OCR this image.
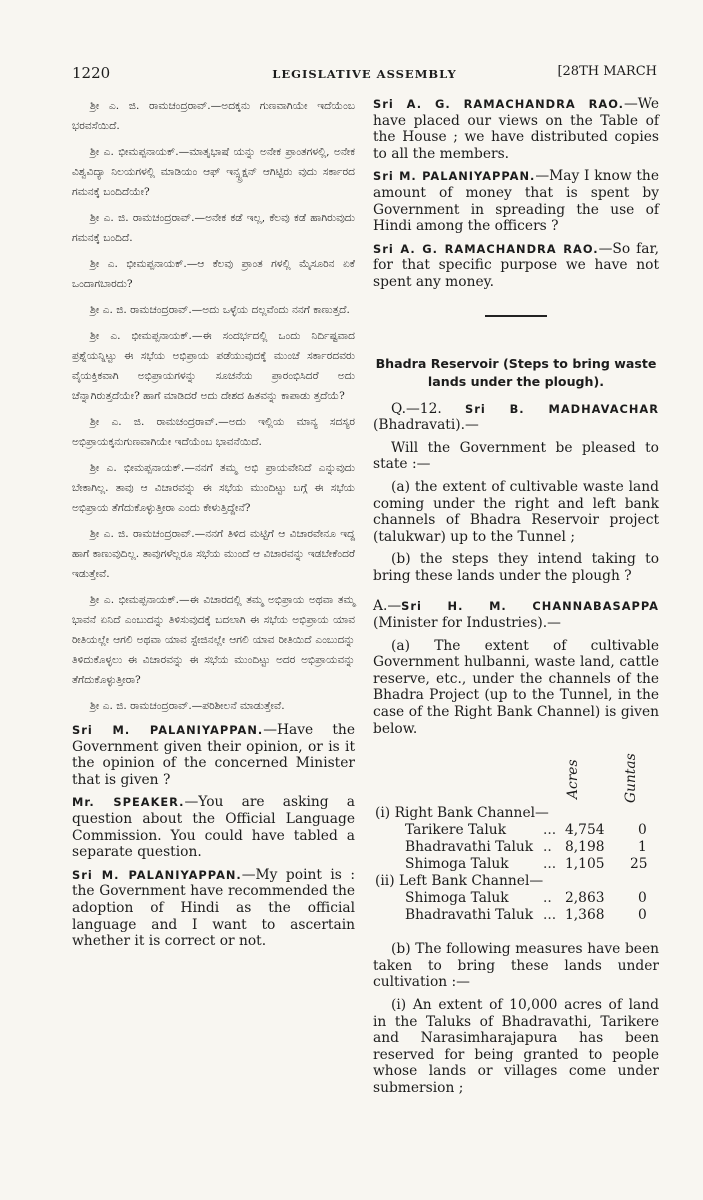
1220	LEGISLATIVE ASSEMBLY	[28TH MARCH

ಶ್ರೀ ಎ. ಜಿ. ರಾಮಚಂದ್ರರಾವ್.—ಅದಕ್ಕನು ಗುಣವಾಗಿಯೇ ಇದೆಯೆಂಬ ಭರವಸೆಯಿದೆ.

ಶ್ರೀ ಎ. ಭೀಮಪ್ಪನಾಯಕ್.—ಮಾತೃಭಾಷೆ ಯನ್ನು ಅನೇಕ ಪ್ರಾಂತಗಳಲ್ಲಿ, ಅನೇಕ ವಿಶ್ವವಿದ್ಯಾ ನಿಲಯಗಳಲ್ಲಿ ಮಾಡಿಯಂ ಆಫ್ ಇನ್ಸ್ಟ್ರಕ್ಷನ್ ಆಗಿಟ್ಟಿರು ವುದು ಸರ್ಕಾರದ ಗಮನಕ್ಕೆ ಬಂದಿದೆಯೇ?

ಶ್ರೀ ಎ. ಜಿ. ರಾಮಚಂದ್ರರಾವ್.—ಅನೇಕ ಕಡೆ ಇಲ್ಲ, ಕೆಲವು ಕಡೆ ಹಾಗಿರುವುದು ಗಮನಕ್ಕೆ ಬಂದಿದೆ.

ಶ್ರೀ ಎ. ಭೀಮಪ್ಪನಾಯಕ್.—ಆ ಕೆಲವು ಪ್ರಾಂತ ಗಳಲ್ಲಿ ಮೈಸೂರಿನ ಏಕೆ ಒಂದಾಗಬಾರದು?

ಶ್ರೀ ಎ. ಜಿ. ರಾಮಚಂದ್ರರಾವ್.—ಅದು ಒಳ್ಳೆಯ ದಲ್ಲವೆಂದು ನನಗೆ ಕಾಣುತ್ತದೆ.

ಶ್ರೀ ಎ. ಭೀಮಪ್ಪನಾಯಕ್.—ಈ ಸಂದರ್ಭದಲ್ಲಿ ಒಂದು ನಿರ್ದಿಷ್ಟವಾದ ಪ್ರಶ್ನೆಯನ್ನಿಟ್ಟು ಈ ಸಭೆಯ ಅಭಿಪ್ರಾಯ ಪಡೆಯುವುದಕ್ಕೆ ಮುಂಚೆ ಸರ್ಕಾರದವರು ವೈಯಕ್ತಿಕವಾಗಿ ಅಭಿಪ್ರಾಯಗಳನ್ನು ಸೂಚನೆಯ ಪ್ರಾರಂಭಿಸಿದರೆ ಅದು ಚೆನ್ನಾಗಿರುತ್ತದೆಯೇ? ಹಾಗೆ ಮಾಡಿದರೆ ಅದು ದೇಶದ ಹಿತವನ್ನು ಕಾಪಾಡು ತ್ತದೆಯೆ?

ಶ್ರೀ ಎ. ಜಿ. ರಾಮಚಂದ್ರರಾವ್.—ಅದು ಇಲ್ಲಿಯ ಮಾನ್ಯ ಸದಸ್ಯರ ಅಭಿಪ್ರಾಯಕ್ಕನುಗುಣವಾಗಿಯೇ ಇದೆಯೆಂಬ ಭಾವನೆಯಿದೆ.

ಶ್ರೀ ಎ. ಭೀಮಪ್ಪನಾಯಕ್.—ನನಗೆ ತಮ್ಮ ಅಭಿ ಪ್ರಾಯವೇನಿದೆ ಎನ್ನುವುದು ಬೇಕಾಗಿಲ್ಲ. ತಾವು ಆ ವಿಚಾರವನ್ನು ಈ ಸಭೆಯ ಮುಂದಿಟ್ಟು ಬಗ್ಗೆ ಈ ಸಭೆಯ ಅಭಿಪ್ರಾಯ ತೆಗೆದುಕೊಳ್ಳುತ್ತೀರಾ ಎಂದು ಕೇಳುತ್ತಿದ್ದೇನೆ?

ಶ್ರೀ ಎ. ಜಿ. ರಾಮಚಂದ್ರರಾವ್.—ನನಗೆ ತಿಳಿದ ಮಟ್ಟಿಗೆ ಆ ವಿಚಾರವೇನೂ ಇದ್ದ ಹಾಗೆ ಕಾಣುವುದಿಲ್ಲ. ತಾವುಗಳೆಲ್ಲರೂ ಸಭೆಯ ಮುಂದೆ ಆ ವಿಚಾರವನ್ನು ಇಡಬೇಕೆಂದರೆ ಇಡುತ್ತೇವೆ.

ಶ್ರೀ ಎ. ಭೀಮಪ್ಪನಾಯಕ್.—ಈ ವಿಚಾರದಲ್ಲಿ ತಮ್ಮ ಅಭಿಪ್ರಾಯ ಅಥವಾ ತಮ್ಮ ಭಾವನೆ ಏನಿದೆ ಎಂಬುದನ್ನು ತಿಳಿಸುವುದಕ್ಕೆ ಬದಲಾಗಿ ಈ ಸಭೆಯ ಅಭಿಪ್ರಾಯ ಯಾವ ರೀತಿಯಲ್ಲೇ ಆಗಲಿ ಅಥವಾ ಯಾವ ಸ್ಟೇಜಿನಲ್ಲೇ ಆಗಲಿ ಯಾವ ರೀತಿಯಿದೆ ಎಂಬುದನ್ನು ತಿಳಿದುಕೊಳ್ಳಲು ಈ ವಿಚಾರವನ್ನು ಈ ಸಭೆಯ ಮುಂದಿಟ್ಟು ಅದರ ಅಭಿಪ್ರಾಯವನ್ನು ತೆಗೆದುಕೊಳ್ಳುತ್ತೀರಾ?

ಶ್ರೀ ಎ. ಜಿ. ರಾಮಚಂದ್ರರಾವ್.—ಪರಿಶೀಲನೆ ಮಾಡುತ್ತೇವೆ.

Sri M. PALANIYAPPAN.—Have the Government given their opinion, or is it the opinion of the concerned Minister that is given ?

Mr. SPEAKER.—You are asking a question about the Official Language Commission. You could have tabled a separate question.

Sri M. PALANIYAPPAN.—My point is : the Government have recommended the adoption of Hindi as the official language and I want to ascertain whether it is correct or not.

Sri A. G. RAMACHANDRA RAO.—We have placed our views on the Table of the House ; we have distributed copies to all the members.

Sri M. PALANIYAPPAN.—May I know the amount of money that is spent by Government in spreading the use of Hindi among the officers ?

Sri A. G. RAMACHANDRA RAO.—So far, for that specific purpose we have not spent any money.

Bhadra Reservoir (Steps to bring waste lands under the plough).

Q.—12. Sri B. MADHAVACHAR (Bhadravati).—

Will the Government be pleased to state :—

(a) the extent of cultivable waste land coming under the right and left bank channels of Bhadra Reservoir project (talukwar) up to the Tunnel ;

(b) the steps they intend taking to bring these lands under the plough ?

A.—Sri H. M. CHANNABASAPPA (Minister for Industries).—

(a) The extent of cultivable Government hulbanni, waste land, cattle reserve, etc., under the channels of the Bhadra Project (up to the Tunnel, in the case of the Right Bank Channel) is given below.

Acres	Guntas
(i) Right Bank Channel—
Tarikere Taluk	... 4,754 0
Bhadravathi Taluk .. 8,198 1
Shimoga Taluk ... 1,105 25
(ii) Left Bank Channel—
Shimoga Taluk .. 2,863 0
Bhadravathi Taluk ... 1,368 0

(b) The following measures have been taken to bring these lands under cultivation :—

(i) An extent of 10,000 acres of land in the Taluks of Bhadravathi, Tarikere and Narasimharajapura has been reserved for being granted to people whose lands or villages come under submersion ;
